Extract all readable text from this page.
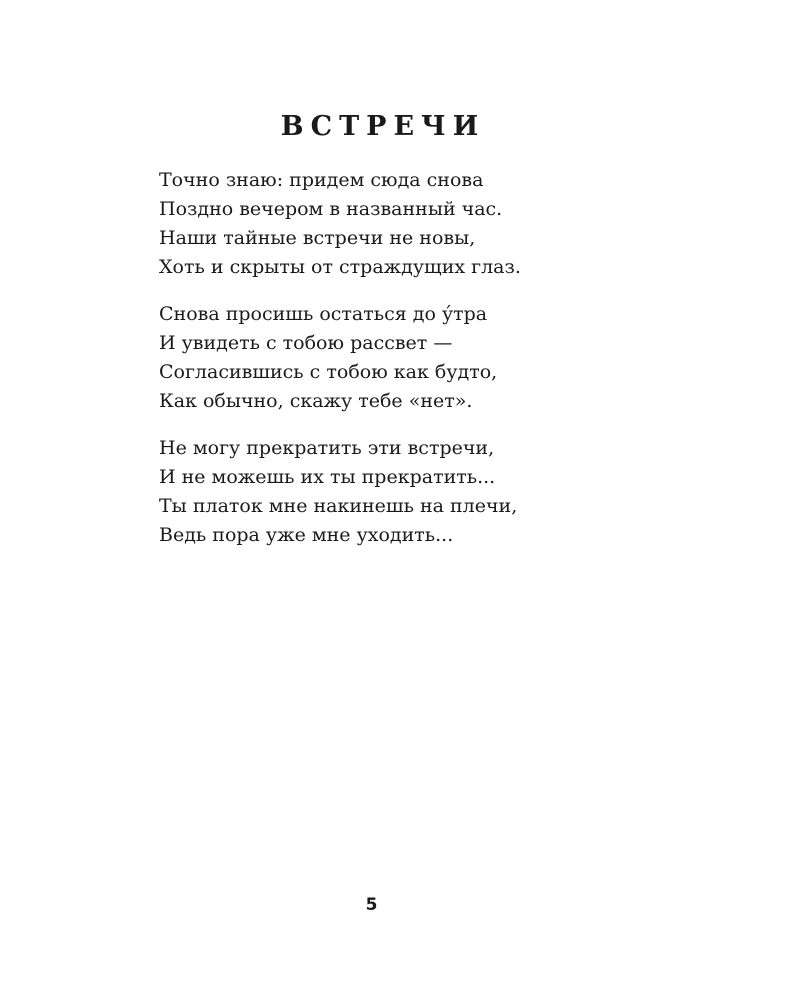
ВСТРЕЧИ
Точно знаю: придем сюда снова
Поздно вечером в названный час.
Наши тайные встречи не новы,
Хоть и скрыты от страждущих глаз.
Снова просишь остаться до у́тра
И увидеть с тобою рассвет —
Согласившись с тобою как будто,
Как обычно, скажу тебе «нет».
Не могу прекратить эти встречи,
И не можешь их ты прекратить...
Ты платок мне накинешь на плечи,
Ведь пора уже мне уходить...
5
